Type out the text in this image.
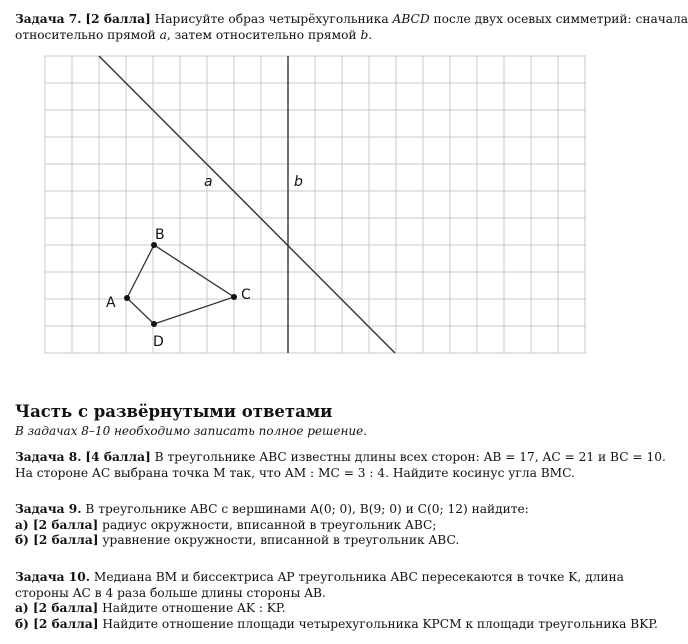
Задача 7. [2 балла] Нарисуйте образ четырёхугольника ABCD после двух осевых симметрий: сначала
относительно прямой a, затем относительно прямой b.
a	b
A
B
C
D
Часть с развёрнутыми ответами
В задачах 8–10 необходимо записать полное решение.
Задача 8. [4 балла] В треугольнике ABC известны длины всех сторон: AB = 17, AC = 21 и BC = 10.
На стороне AC выбрана точка M так, что AM : MC = 3 : 4. Найдите косинус угла BMC.
Задача 9. В треугольнике ABC с вершинами A(0; 0), B(9; 0) и C(0; 12) найдите:
а) [2 балла] радиус окружности, вписанной в треугольник ABC;
б) [2 балла] уравнение окружности, вписанной в треугольник ABC.
Задача 10. Медиана BM и биссектриса AP треугольника ABC пересекаются в точке K, длина
стороны AC в 4 раза больше длины стороны AB.
а) [2 балла] Найдите отношение AK : KP.
б) [2 балла] Найдите отношение площади четырехугольника KPCM к площади треугольника BKP.
